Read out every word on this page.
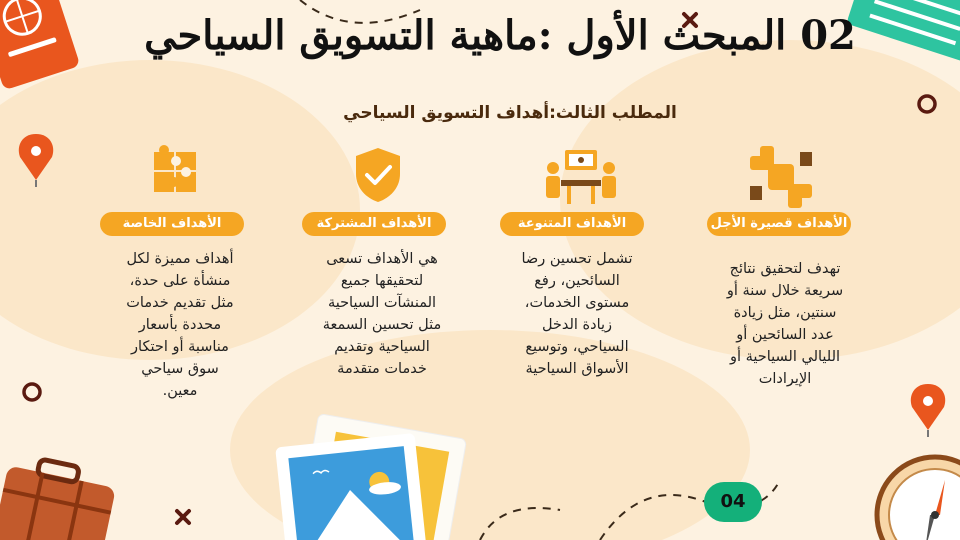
02 المبحث الأول :ماهية التسويق السياحي
المطلب الثالث:أهداف التسويق السياحي
الأهداف قصيرة الأجل
الأهداف المتنوعة
الأهداف المشتركة
الأهداف الخاصة
تهدف لتحقيق نتائج
سريعة خلال سنة أو
سنتين، مثل زيادة
عدد السائحين أو
الليالي السياحية أو
الإيرادات
تشمل تحسين رضا
السائحين، رفع
مستوى الخدمات،
زيادة الدخل
السياحي، وتوسيع
الأسواق السياحية
هي الأهداف تسعى
لتحقيقها جميع
المنشآت السياحية
مثل تحسين السمعة
السياحية وتقديم
خدمات متقدمة
أهداف مميزة لكل
منشأة على حدة،
مثل تقديم خدمات
محددة بأسعار
مناسبة أو احتكار
سوق سياحي
معين.
04
